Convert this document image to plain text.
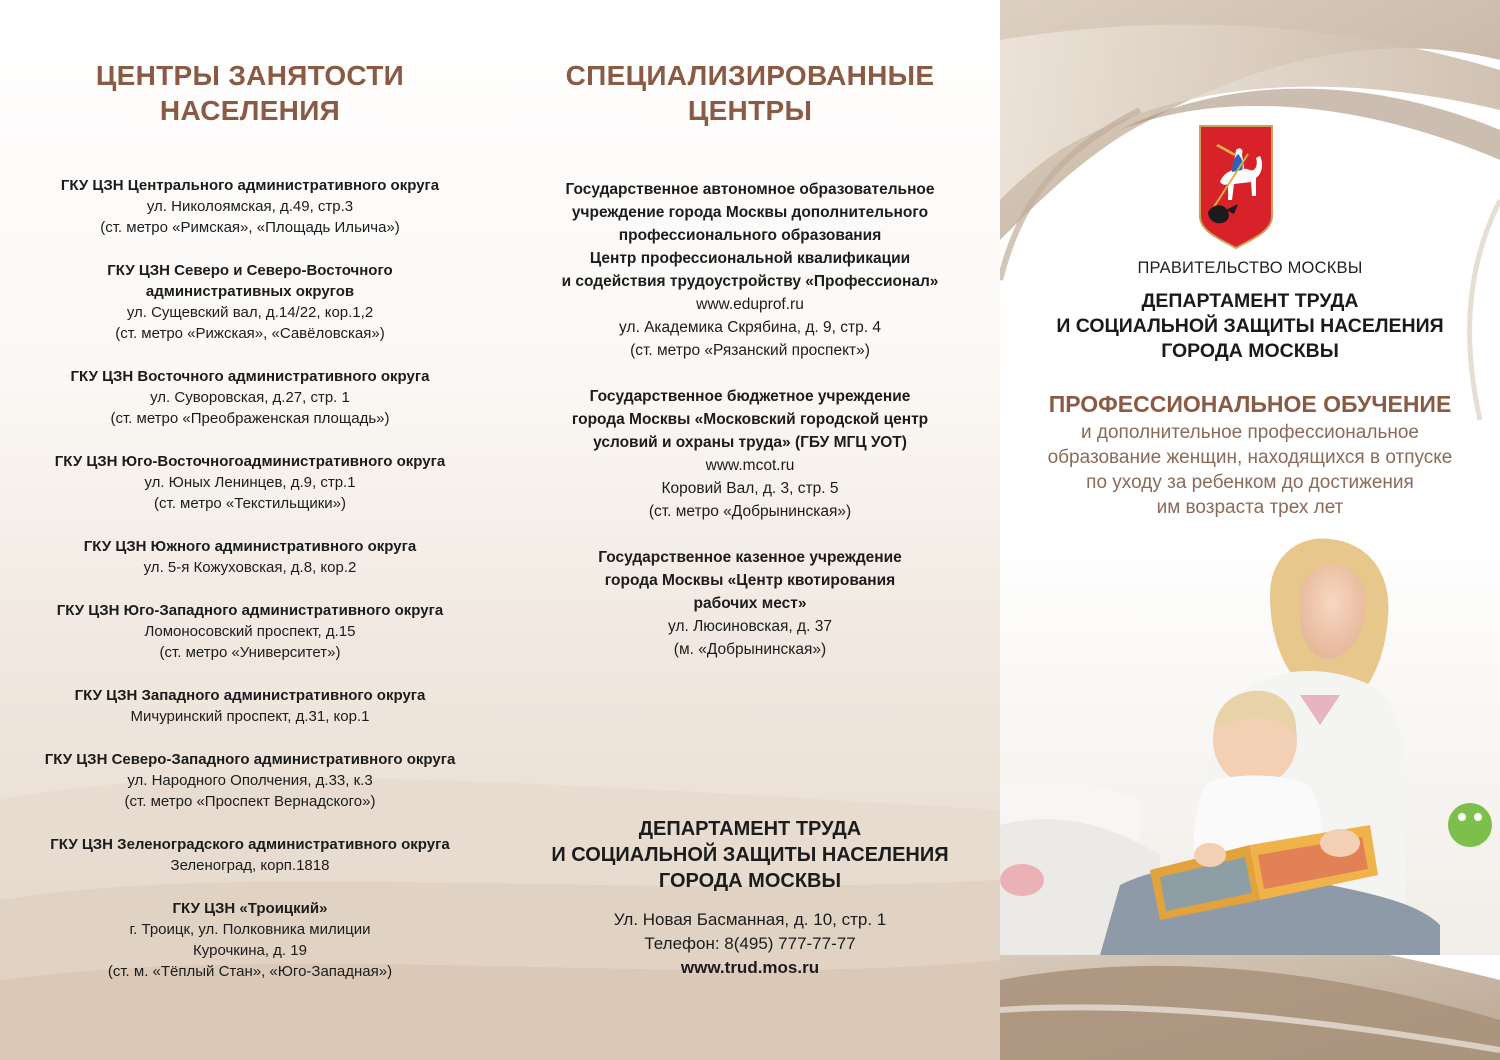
ЦЕНТРЫ ЗАНЯТОСТИ
НАСЕЛЕНИЯ
ГКУ ЦЗН Центрального административного округа
ул. Николоямская, д.49, стр.3
(ст. метро «Римская», «Площадь Ильича»)
ГКУ ЦЗН Северо и Северо-Восточного
административных округов
ул. Сущевский вал, д.14/22, кор.1,2
(ст. метро «Рижская», «Савёловская»)
ГКУ ЦЗН Восточного административного округа
ул. Суворовская, д.27, стр. 1
(ст. метро «Преображенская площадь»)
ГКУ ЦЗН Юго-Восточногоадминистративного округа
ул. Юных Ленинцев, д.9, стр.1
(ст. метро «Текстильщики»)
ГКУ ЦЗН Южного административного округа
ул. 5-я Кожуховская, д.8, кор.2
ГКУ ЦЗН Юго-Западного административного округа
Ломоносовский проспект, д.15
(ст. метро «Университет»)
ГКУ ЦЗН Западного административного округа
Мичуринский проспект, д.31, кор.1
ГКУ ЦЗН Северо-Западного административного округа
ул. Народного Ополчения, д.33, к.3
(ст. метро «Проспект Вернадского»)
ГКУ ЦЗН Зеленоградского административного округа
Зеленоград, корп.1818
ГКУ ЦЗН «Троицкий»
г. Троицк, ул. Полковника милиции
Курочкина, д. 19
(ст. м. «Тёплый Стан», «Юго-Западная»)
СПЕЦИАЛИЗИРОВАННЫЕ
ЦЕНТРЫ
Государственное автономное образовательное
учреждение города Москвы дополнительного
профессионального образования
Центр профессиональной квалификации
и содействия трудоустройству «Профессионал»
www.eduprof.ru
ул. Академика Скрябина, д. 9, стр. 4
(ст. метро «Рязанский проспект»)
Государственное бюджетное учреждение
города Москвы «Московский городской центр
условий и охраны труда» (ГБУ МГЦ УОТ)
www.mcot.ru
Коровий Вал, д. 3, стр. 5
(ст. метро «Добрынинская»)
Государственное казенное учреждение
города Москвы «Центр квотирования
рабочих мест»
ул. Люсиновская, д. 37
(м. «Добрынинская»)
ДЕПАРТАМЕНТ ТРУДА
И СОЦИАЛЬНОЙ ЗАЩИТЫ НАСЕЛЕНИЯ
ГОРОДА МОСКВЫ
Ул. Новая Басманная, д. 10, стр. 1
Телефон: 8(495) 777-77-77
www.trud.mos.ru
ПРАВИТЕЛЬСТВО МОСКВЫ
ДЕПАРТАМЕНТ ТРУДА
И СОЦИАЛЬНОЙ ЗАЩИТЫ НАСЕЛЕНИЯ
ГОРОДА МОСКВЫ
ПРОФЕССИОНАЛЬНОЕ ОБУЧЕНИЕ
и дополнительное профессиональное
образование женщин, находящихся в отпуске
по уходу за ребенком до достижения
им возраста трех лет
